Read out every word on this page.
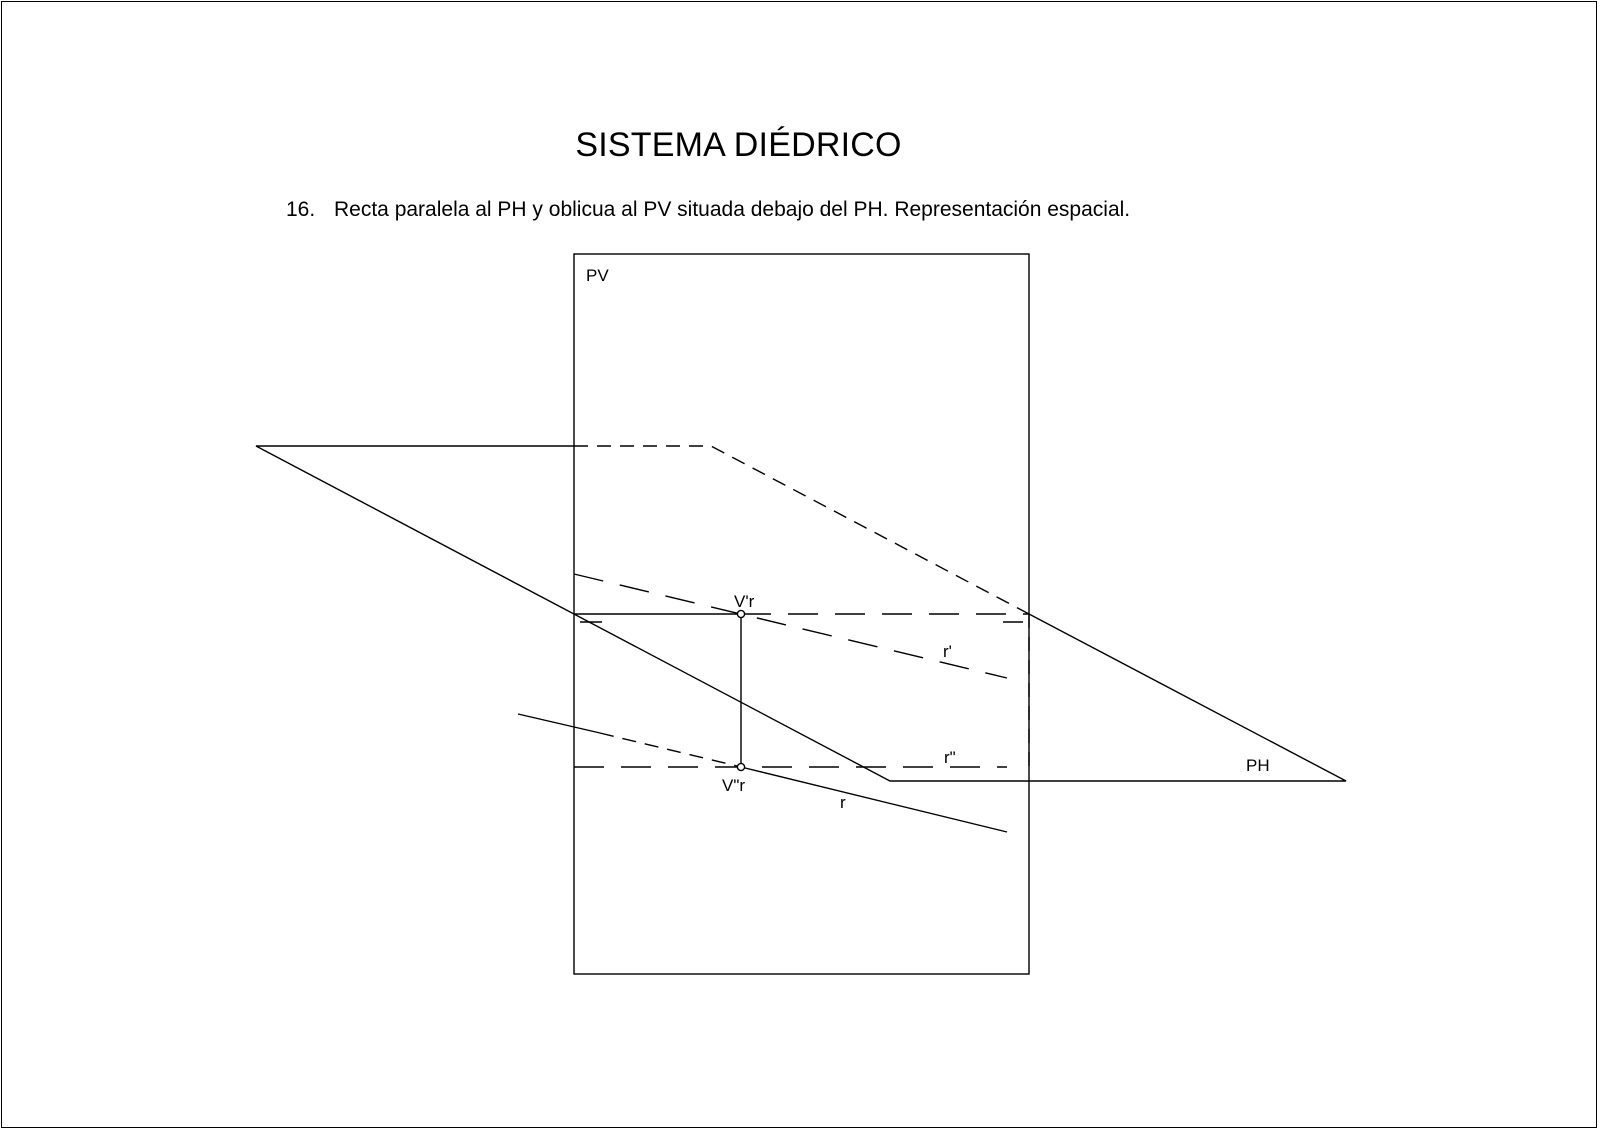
SISTEMA DIÉDRICO
16. Recta paralela al PH y oblicua al PV situada debajo del PH. Representación espacial.
PV
PH
V'r
V"r
r'
r"
r
